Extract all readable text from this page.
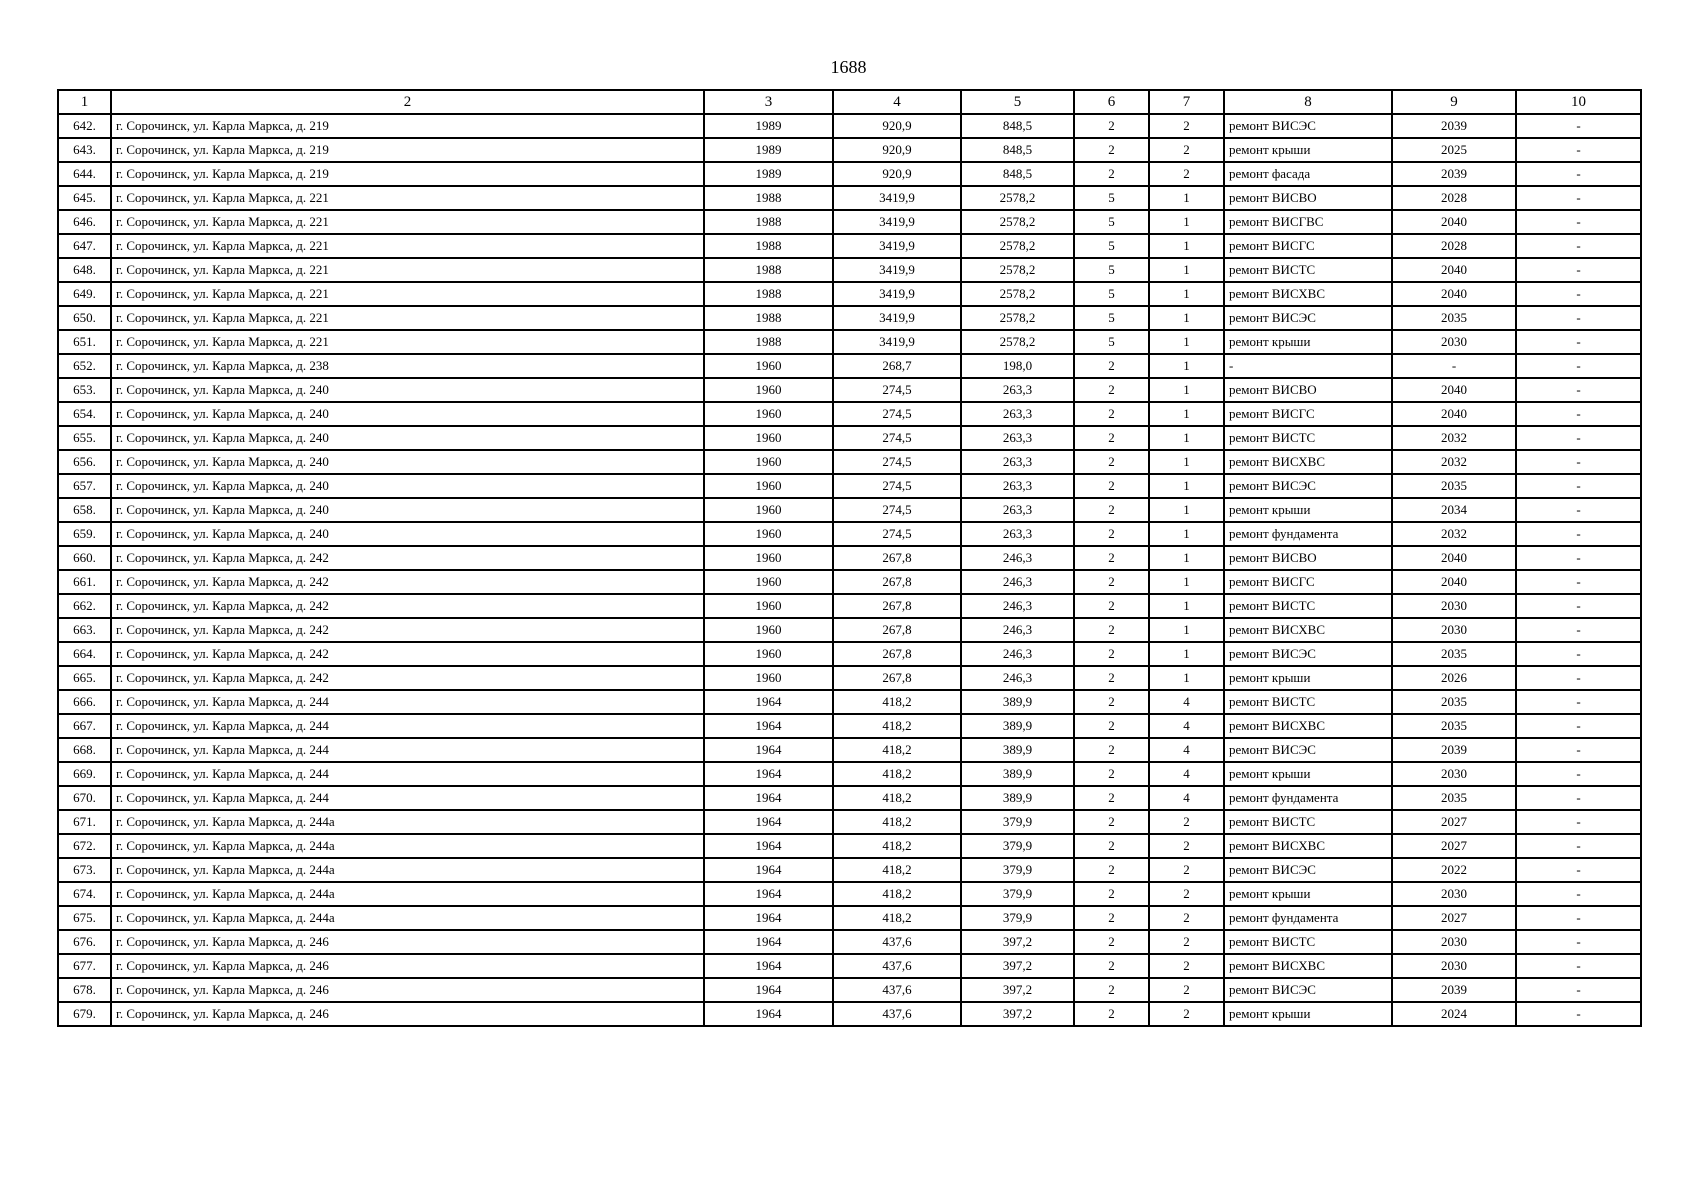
1688
1	2	3	4	5	6	7	8	9	10
642.	г. Сорочинск, ул. Карла Маркса, д. 219	1989	920,9	848,5	2	2	ремонт ВИСЭС	2039	-
643.	г. Сорочинск, ул. Карла Маркса, д. 219	1989	920,9	848,5	2	2	ремонт крыши	2025	-
644.	г. Сорочинск, ул. Карла Маркса, д. 219	1989	920,9	848,5	2	2	ремонт фасада	2039	-
645.	г. Сорочинск, ул. Карла Маркса, д. 221	1988	3419,9	2578,2	5	1	ремонт ВИСВО	2028	-
646.	г. Сорочинск, ул. Карла Маркса, д. 221	1988	3419,9	2578,2	5	1	ремонт ВИСГВС	2040	-
647.	г. Сорочинск, ул. Карла Маркса, д. 221	1988	3419,9	2578,2	5	1	ремонт ВИСГС	2028	-
648.	г. Сорочинск, ул. Карла Маркса, д. 221	1988	3419,9	2578,2	5	1	ремонт ВИСТС	2040	-
649.	г. Сорочинск, ул. Карла Маркса, д. 221	1988	3419,9	2578,2	5	1	ремонт ВИСХВС	2040	-
650.	г. Сорочинск, ул. Карла Маркса, д. 221	1988	3419,9	2578,2	5	1	ремонт ВИСЭС	2035	-
651.	г. Сорочинск, ул. Карла Маркса, д. 221	1988	3419,9	2578,2	5	1	ремонт крыши	2030	-
652.	г. Сорочинск, ул. Карла Маркса, д. 238	1960	268,7	198,0	2	1	-	-	-
653.	г. Сорочинск, ул. Карла Маркса, д. 240	1960	274,5	263,3	2	1	ремонт ВИСВО	2040	-
654.	г. Сорочинск, ул. Карла Маркса, д. 240	1960	274,5	263,3	2	1	ремонт ВИСГС	2040	-
655.	г. Сорочинск, ул. Карла Маркса, д. 240	1960	274,5	263,3	2	1	ремонт ВИСТС	2032	-
656.	г. Сорочинск, ул. Карла Маркса, д. 240	1960	274,5	263,3	2	1	ремонт ВИСХВС	2032	-
657.	г. Сорочинск, ул. Карла Маркса, д. 240	1960	274,5	263,3	2	1	ремонт ВИСЭС	2035	-
658.	г. Сорочинск, ул. Карла Маркса, д. 240	1960	274,5	263,3	2	1	ремонт крыши	2034	-
659.	г. Сорочинск, ул. Карла Маркса, д. 240	1960	274,5	263,3	2	1	ремонт фундамента	2032	-
660.	г. Сорочинск, ул. Карла Маркса, д. 242	1960	267,8	246,3	2	1	ремонт ВИСВО	2040	-
661.	г. Сорочинск, ул. Карла Маркса, д. 242	1960	267,8	246,3	2	1	ремонт ВИСГС	2040	-
662.	г. Сорочинск, ул. Карла Маркса, д. 242	1960	267,8	246,3	2	1	ремонт ВИСТС	2030	-
663.	г. Сорочинск, ул. Карла Маркса, д. 242	1960	267,8	246,3	2	1	ремонт ВИСХВС	2030	-
664.	г. Сорочинск, ул. Карла Маркса, д. 242	1960	267,8	246,3	2	1	ремонт ВИСЭС	2035	-
665.	г. Сорочинск, ул. Карла Маркса, д. 242	1960	267,8	246,3	2	1	ремонт крыши	2026	-
666.	г. Сорочинск, ул. Карла Маркса, д. 244	1964	418,2	389,9	2	4	ремонт ВИСТС	2035	-
667.	г. Сорочинск, ул. Карла Маркса, д. 244	1964	418,2	389,9	2	4	ремонт ВИСХВС	2035	-
668.	г. Сорочинск, ул. Карла Маркса, д. 244	1964	418,2	389,9	2	4	ремонт ВИСЭС	2039	-
669.	г. Сорочинск, ул. Карла Маркса, д. 244	1964	418,2	389,9	2	4	ремонт крыши	2030	-
670.	г. Сорочинск, ул. Карла Маркса, д. 244	1964	418,2	389,9	2	4	ремонт фундамента	2035	-
671.	г. Сорочинск, ул. Карла Маркса, д. 244а	1964	418,2	379,9	2	2	ремонт ВИСТС	2027	-
672.	г. Сорочинск, ул. Карла Маркса, д. 244а	1964	418,2	379,9	2	2	ремонт ВИСХВС	2027	-
673.	г. Сорочинск, ул. Карла Маркса, д. 244а	1964	418,2	379,9	2	2	ремонт ВИСЭС	2022	-
674.	г. Сорочинск, ул. Карла Маркса, д. 244а	1964	418,2	379,9	2	2	ремонт крыши	2030	-
675.	г. Сорочинск, ул. Карла Маркса, д. 244а	1964	418,2	379,9	2	2	ремонт фундамента	2027	-
676.	г. Сорочинск, ул. Карла Маркса, д. 246	1964	437,6	397,2	2	2	ремонт ВИСТС	2030	-
677.	г. Сорочинск, ул. Карла Маркса, д. 246	1964	437,6	397,2	2	2	ремонт ВИСХВС	2030	-
678.	г. Сорочинск, ул. Карла Маркса, д. 246	1964	437,6	397,2	2	2	ремонт ВИСЭС	2039	-
679.	г. Сорочинск, ул. Карла Маркса, д. 246	1964	437,6	397,2	2	2	ремонт крыши	2024	-
